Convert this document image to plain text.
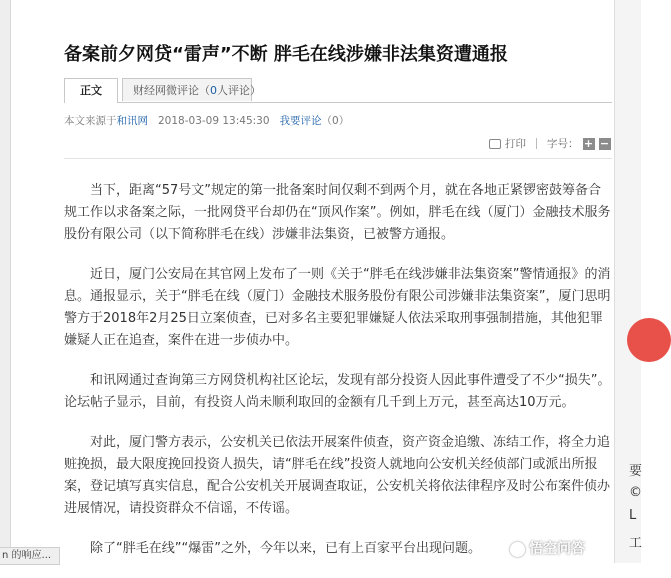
备案前夕网贷“雷声”不断 胖毛在线涉嫌非法集资遭通报
正文	财经网微评论（0人评论）
本文来源于和讯网 2018-03-09 13:45:30 我要评论（0）
打印 字号： + −

当下，距离“57号文”规定的第一批备案时间仅剩不到两个月，就在各地正紧锣密鼓筹备合规工作以求备案之际，一批网贷平台却仍在“顶风作案”。例如，胖毛在线（厦门）金融技术服务股份有限公司（以下简称胖毛在线）涉嫌非法集资，已被警方通报。

近日，厦门公安局在其官网上发布了一则《关于“胖毛在线涉嫌非法集资案”警情通报》的消息。通报显示，关于“胖毛在线（厦门）金融技术服务股份有限公司涉嫌非法集资案”，厦门思明警方于2018年2月25日立案侦查，已对多名主要犯罪嫌疑人依法采取刑事强制措施，其他犯罪嫌疑人正在追查，案件在进一步侦办中。

和讯网通过查询第三方网贷机构社区论坛，发现有部分投资人因此事件遭受了不少“损失”。论坛帖子显示，目前，有投资人尚未顺利取回的金额有几千到上万元，甚至高达10万元。

对此，厦门警方表示，公安机关已依法开展案件侦查，资产资金追缴、冻结工作，将全力追赃挽损，最大限度挽回投资人损失，请“胖毛在线”投资人就地向公安机关经侦部门或派出所报案，登记填写真实信息，配合公安机关开展调查取证，公安机关将依法律程序及时公布案件侦办进展情况，请投资群众不信谣，不传谣。

除了“胖毛在线”“爆雷”之外，今年以来，已有上百家平台出现问题。

要
©
L
工
n 的响应...	悟空问答
